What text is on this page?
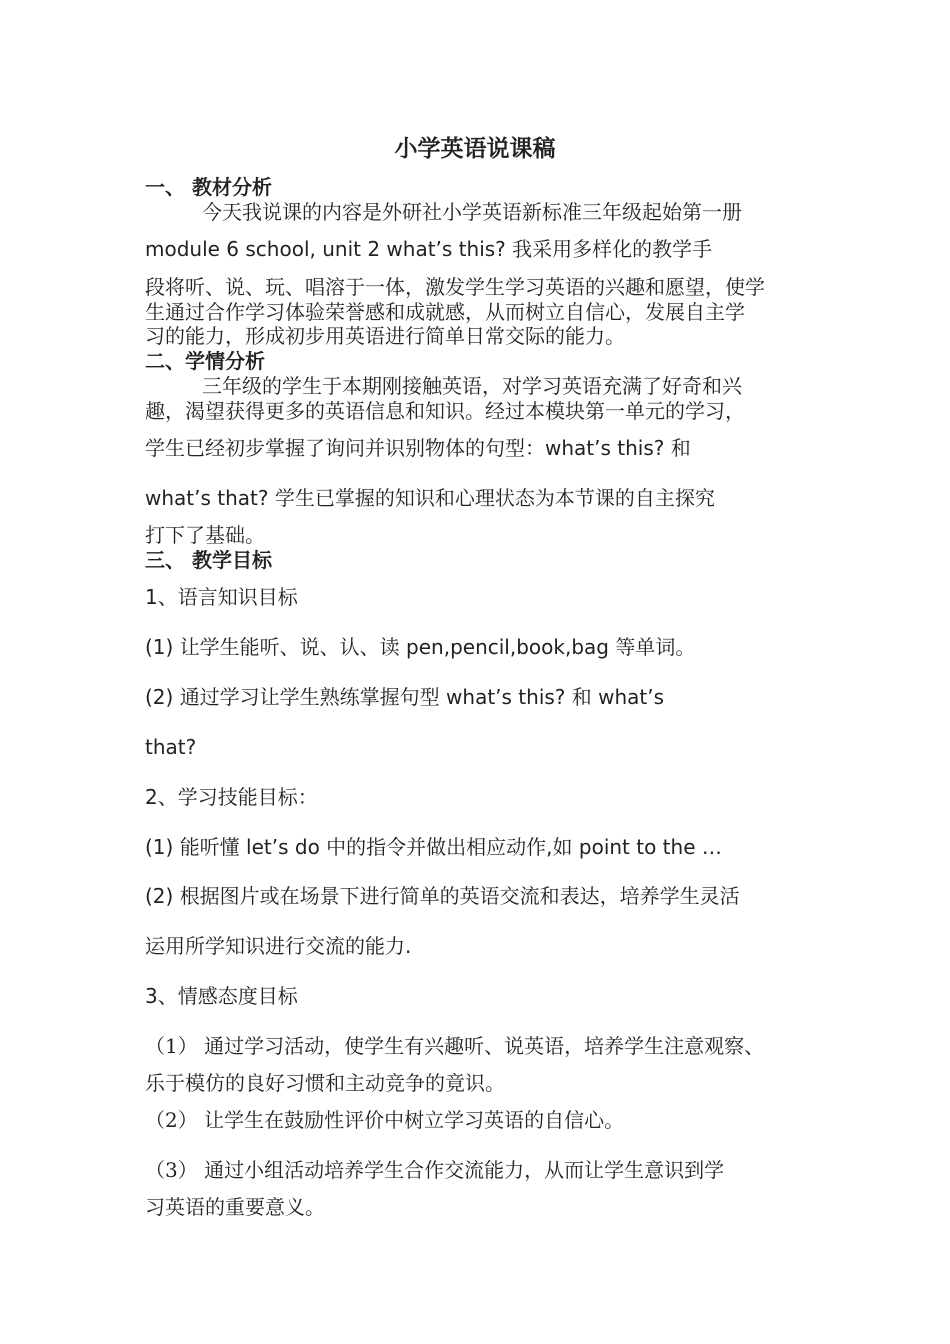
小学英语说课稿

一、 教材分析

今天我说课的内容是外研社小学英语新标准三年级起始第一册

module 6 school, unit 2 what’s this? 我采用多样化的教学手

段将听、说、玩、唱溶于一体，激发学生学习英语的兴趣和愿望，使学

生通过合作学习体验荣誉感和成就感，从而树立自信心，发展自主学

习的能力，形成初步用英语进行简单日常交际的能力。

二、学情分析

三年级的学生于本期刚接触英语，对学习英语充满了好奇和兴

趣，渴望获得更多的英语信息和知识。经过本模块第一单元的学习，

学生已经初步掌握了询问并识别物体的句型：what’s this? 和

what’s that? 学生已掌握的知识和心理状态为本节课的自主探究

打下了基础。

三、 教学目标

1、语言知识目标

(1) 让学生能听、说、认、读 pen,pencil,book,bag 等单词。

(2) 通过学习让学生熟练掌握句型 what’s this? 和 what’s

that?

2、学习技能目标：

(1) 能听懂 let’s do 中的指令并做出相应动作,如 point to the …

(2) 根据图片或在场景下进行简单的英语交流和表达，培养学生灵活

运用所学知识进行交流的能力.

3、情感态度目标

（1） 通过学习活动，使学生有兴趣听、说英语，培养学生注意观察、

乐于模仿的良好习惯和主动竞争的竟识。

（2） 让学生在鼓励性评价中树立学习英语的自信心。

（3） 通过小组活动培养学生合作交流能力，从而让学生意识到学

习英语的重要意义。
